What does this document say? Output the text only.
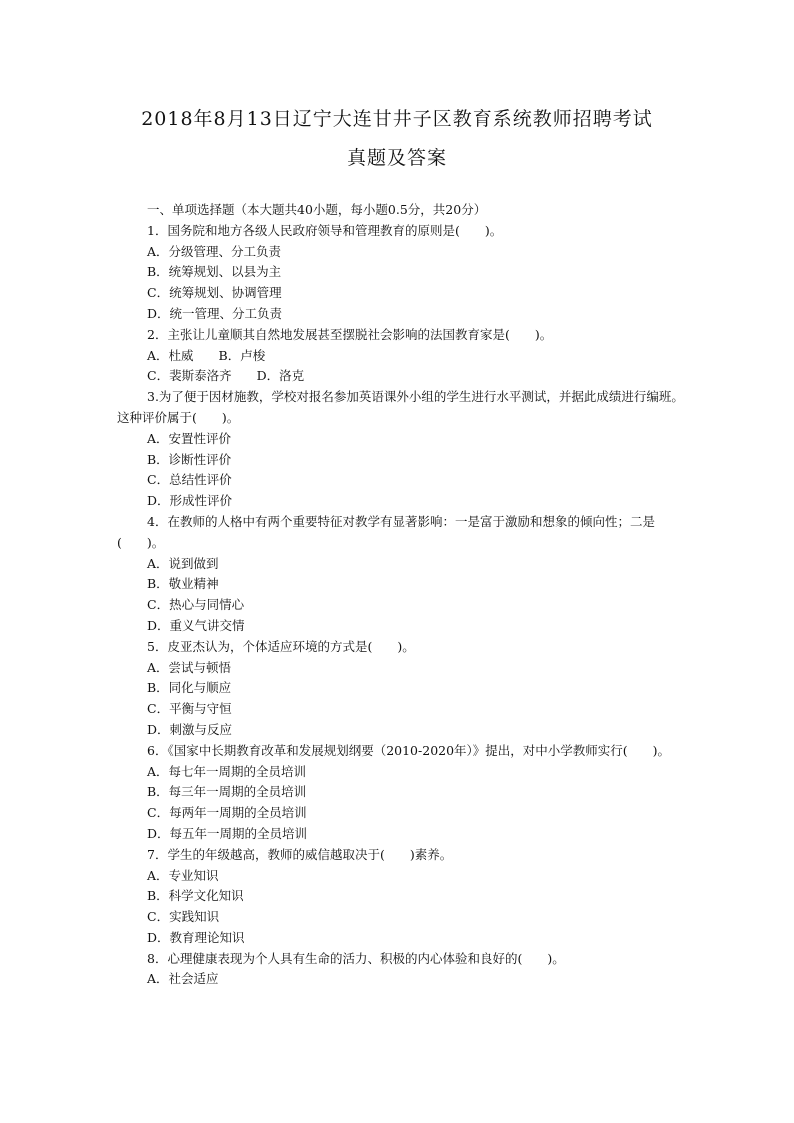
2018年8月13日辽宁大连甘井子区教育系统教师招聘考试
真题及答案
一、单项选择题（本大题共40小题，每小题0.5分，共20分）
1．国务院和地方各级人民政府领导和管理教育的原则是(　　)。
A．分级管理、分工负责
B．统筹规划、以县为主
C．统筹规划、协调管理
D．统一管理、分工负责
2．主张让儿童顺其自然地发展甚至摆脱社会影响的法国教育家是(　　)。
A．杜威　　B．卢梭
C．裴斯泰洛齐　　D．洛克
3.为了便于因材施教，学校对报名参加英语课外小组的学生进行水平测试，并据此成绩进行编班。这种评价属于(　　)。
A．安置性评价
B．诊断性评价
C．总结性评价
D．形成性评价
4．在教师的人格中有两个重要特征对教学有显著影响：一是富于激励和想象的倾向性；二是(　　)。
A．说到做到
B．敬业精神
C．热心与同情心
D．重义气讲交情
5．皮亚杰认为，个体适应环境的方式是(　　)。
A．尝试与顿悟
B．同化与顺应
C．平衡与守恒
D．刺激与反应
6．《国家中长期教育改革和发展规划纲要（2010-2020年）》提出，对中小学教师实行(　　)。
A．每七年一周期的全员培训
B．每三年一周期的全员培训
C．每两年一周期的全员培训
D．每五年一周期的全员培训
7．学生的年级越高，教师的威信越取决于(　　)素养。
A．专业知识
B．科学文化知识
C．实践知识
D．教育理论知识
8．心理健康表现为个人具有生命的活力、积极的内心体验和良好的(　　)。
A．社会适应
